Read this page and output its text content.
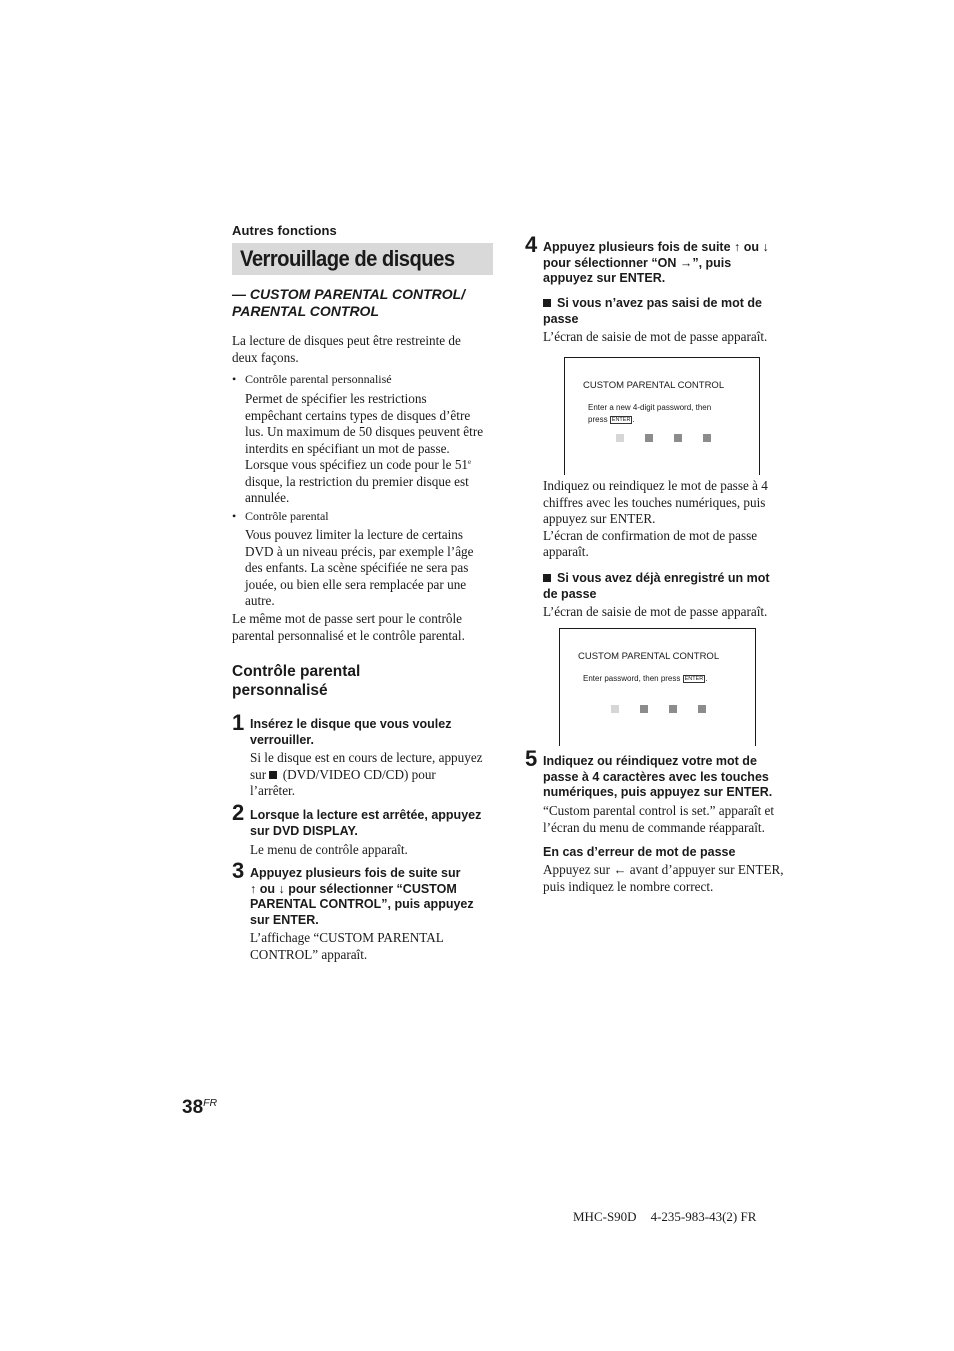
Autres fonctions
Verrouillage de disques
— CUSTOM PARENTAL CONTROL/
PARENTAL CONTROL
La lecture de disques peut être restreinte de
deux façons.
• Contrôle parental personnalisé
Permet de spécifier les restrictions
empêchant certains types de disques d’être
lus. Un maximum de 50 disques peuvent être
interdits en spécifiant un mot de passe.
Lorsque vous spécifiez un code pour le 51e
disque, la restriction du premier disque est
annulée.
• Contrôle parental
Vous pouvez limiter la lecture de certains
DVD à un niveau précis, par exemple l’âge
des enfants. La scène spécifiée ne sera pas
jouée, ou bien elle sera remplacée par une
autre.
Le même mot de passe sert pour le contrôle
parental personnalisé et le contrôle parental.
Contrôle parental
personnalisé
1 Insérez le disque que vous voulez
verrouiller.
Si le disque est en cours de lecture, appuyez
sur (DVD/VIDEO CD/CD) pour
l’arrêter.
2 Lorsque la lecture est arrêtée, appuyez
sur DVD DISPLAY.
Le menu de contrôle apparaît.
3 Appuyez plusieurs fois de suite sur
↑ ou ↓ pour sélectionner “CUSTOM
PARENTAL CONTROL”, puis appuyez
sur ENTER.
L’affichage “CUSTOM PARENTAL
CONTROL” apparaît.
4 Appuyez plusieurs fois de suite ↑ ou ↓
pour sélectionner “ON →”, puis
appuyez sur ENTER.
Si vous n’avez pas saisi de mot de
passe
L’écran de saisie de mot de passe apparaît.
CUSTOM PARENTAL CONTROL
Enter a new 4-digit password, then
press ENTER .
Indiquez ou reindiquez le mot de passe à 4
chiffres avec les touches numériques, puis
appuyez sur ENTER.
L’écran de confirmation de mot de passe
apparaît.
Si vous avez déjà enregistré un mot
de passe
L’écran de saisie de mot de passe apparaît.
CUSTOM PARENTAL CONTROL
Enter password, then press ENTER .
5 Indiquez ou réindiquez votre mot de
passe à 4 caractères avec les touches
numériques, puis appuyez sur ENTER.
“Custom parental control is set.” apparaît et
l’écran du menu de commande réapparaît.
En cas d’erreur de mot de passe
Appuyez sur ← avant d’appuyer sur ENTER,
puis indiquez le nombre correct.
$38^{FR}$
MHC-S90D 4-235-983-43(2) FR
